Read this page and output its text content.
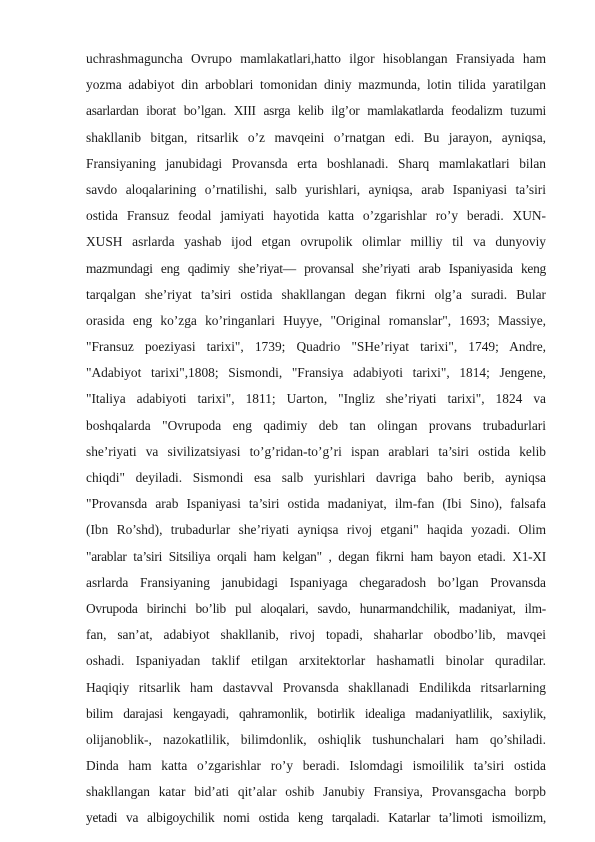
uchrashmaguncha Ovrupo mamlakatlari,hatto ilgor hisoblangan Fransiyada ham
yozma adabiyot din arboblari tomonidan diniy mazmunda, lotin tilida yaratilgan
asarlardan iborat bo’lgan. XIII asrga kelib ilg’or mamlakatlarda feodalizm tuzumi
shakllanib bitgan, ritsarlik o’z mavqeini o’rnatgan edi. Bu jarayon, ayniqsa,
Fransiyaning janubidagi Provansda erta boshlanadi. Sharq mamlakatlari bilan
savdo aloqalarining o’rnatilishi, salb yurishlari, ayniqsa, arab Ispaniyasi ta’siri
ostida Fransuz feodal jamiyati hayotida katta o’zgarishlar ro’y beradi. XUN-
XUSH asrlarda yashab ijod etgan ovrupolik olimlar milliy til va dunyoviy
mazmundagi eng qadimiy she’riyat— provansal she’riyati arab Ispaniyasida keng
tarqalgan she’riyat ta’siri ostida shakllangan degan fikrni olg’a suradi. Bular
orasida eng ko’zga ko’ringanlari Huyye, "Original romanslar", 1693; Massiye,
"Fransuz poeziyasi tarixi", 1739; Quadrio "SHe’riyat tarixi", 1749; Andre,
"Adabiyot tarixi",1808; Sismondi, "Fransiya adabiyoti tarixi", 1814; Jengene,
"Italiya adabiyoti tarixi", 1811; Uarton, "Ingliz she’riyati tarixi", 1824 va
boshqalarda "Ovrupoda eng qadimiy deb tan olingan provans trubadurlari
she’riyati va sivilizatsiyasi to’g’ridan-to’g’ri ispan arablari ta’siri ostida kelib
chiqdi" deyiladi. Sismondi esa salb yurishlari davriga baho berib, ayniqsa
"Provansda arab Ispaniyasi ta’siri ostida madaniyat, ilm-fan (Ibi Sino), falsafa
(Ibn Ro’shd), trubadurlar she’riyati ayniqsa rivoj etgani" haqida yozadi. Olim
"arablar ta’siri Sitsiliya orqali ham kelgan" , degan fikrni ham bayon etadi. X1-XI
asrlarda Fransiyaning janubidagi Ispaniyaga chegaradosh bo’lgan Provansda
Ovrupoda birinchi bo’lib pul aloqalari, savdo, hunarmandchilik, madaniyat, ilm-
fan, san’at, adabiyot shakllanib, rivoj topadi, shaharlar obodbo’lib, mavqei
oshadi. Ispaniyadan taklif etilgan arxitektorlar hashamatli binolar quradilar.
Haqiqiy ritsarlik ham dastavval Provansda shakllanadi Endilikda ritsarlarning
bilim darajasi kengayadi, qahramonlik, botirlik idealiga madaniyatlilik, saxiylik,
olijanoblik-, nazokatlilik, bilimdonlik, oshiqlik tushunchalari ham qo’shiladi.
Dinda ham katta o’zgarishlar ro’y beradi. Islomdagi ismoililik ta’siri ostida
shakllangan katar bid’ati qit’alar oshib Janubiy Fransiya, Provansgacha borpb
yetadi va albigoychilik nomi ostida keng tarqaladi. Katarlar ta’limoti ismoilizm,
